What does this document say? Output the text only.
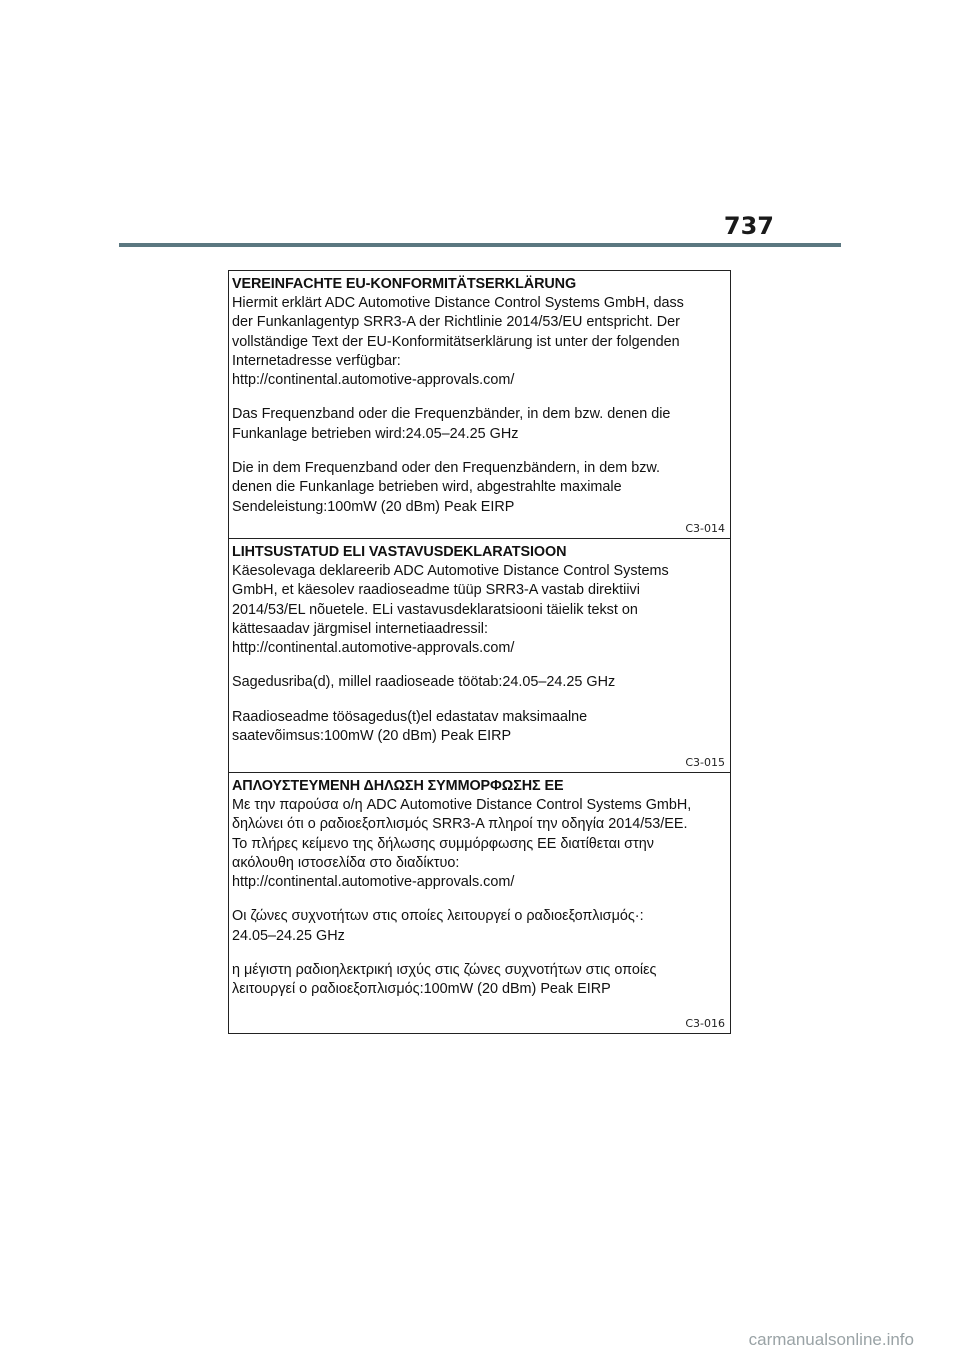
737
VEREINFACHTE EU-KONFORMITÄTSERKLÄRUNG

Hiermit erklärt ADC Automotive Distance Control Systems GmbH, dass
der Funkanlagentyp SRR3-A der Richtlinie 2014/53/EU entspricht. Der
vollständige Text der EU-Konformitätserklärung ist unter der folgenden
Internetadresse verfügbar:

http://continental.automotive-approvals.com/

Das Frequenzband oder die Frequenzbänder, in dem bzw. denen die
Funkanlage betrieben wird:24.05–24.25 GHz

Die in dem Frequenzband oder den Frequenzbändern, in dem bzw.
denen die Funkanlage betrieben wird, abgestrahlte maximale
Sendeleistung:100mW (20 dBm) Peak EIRP

C3-014
LIHTSUSTATUD ELI VASTAVUSDEKLARATSIOON

Käesolevaga deklareerib ADC Automotive Distance Control Systems
GmbH, et käesolev raadioseadme tüüp SRR3-A vastab direktiivi
2014/53/EL nõuetele. ELi vastavusdeklaratsiooni täielik tekst on
kättesaadav järgmisel internetiaadressil:

http://continental.automotive-approvals.com/

Sagedusriba(d), millel raadioseade töötab:24.05–24.25 GHz

Raadioseadme töösagedus(t)el edastatav maksimaalne
saatevõimsus:100mW (20 dBm) Peak EIRP

C3-015
ΑΠΛΟΥΣΤΕΥΜΕΝΗ ΔΗΛΩΣΗ ΣΥΜΜΟΡΦΩΣΗΣ ΕΕ

Με την παρούσα ο/η ADC Automotive Distance Control Systems GmbH,
δηλώνει ότι ο ραδιοεξοπλισμός SRR3-A πληροί την οδηγία 2014/53/ΕΕ.
Το πλήρες κείμενο της δήλωσης συμμόρφωσης ΕΕ διατίθεται στην
ακόλουθη ιστοσελίδα στο διαδίκτυο:

http://continental.automotive-approvals.com/

Οι ζώνες συχνοτήτων στις οποίες λειτουργεί ο ραδιοεξοπλισμός·:
24.05–24.25 GHz

η μέγιστη ραδιοηλεκτρική ισχύς στις ζώνες συχνοτήτων στις οποίες
λειτουργεί ο ραδιοεξοπλισμός:100mW (20 dBm) Peak EIRP

C3-016
carmanualsonline.info
